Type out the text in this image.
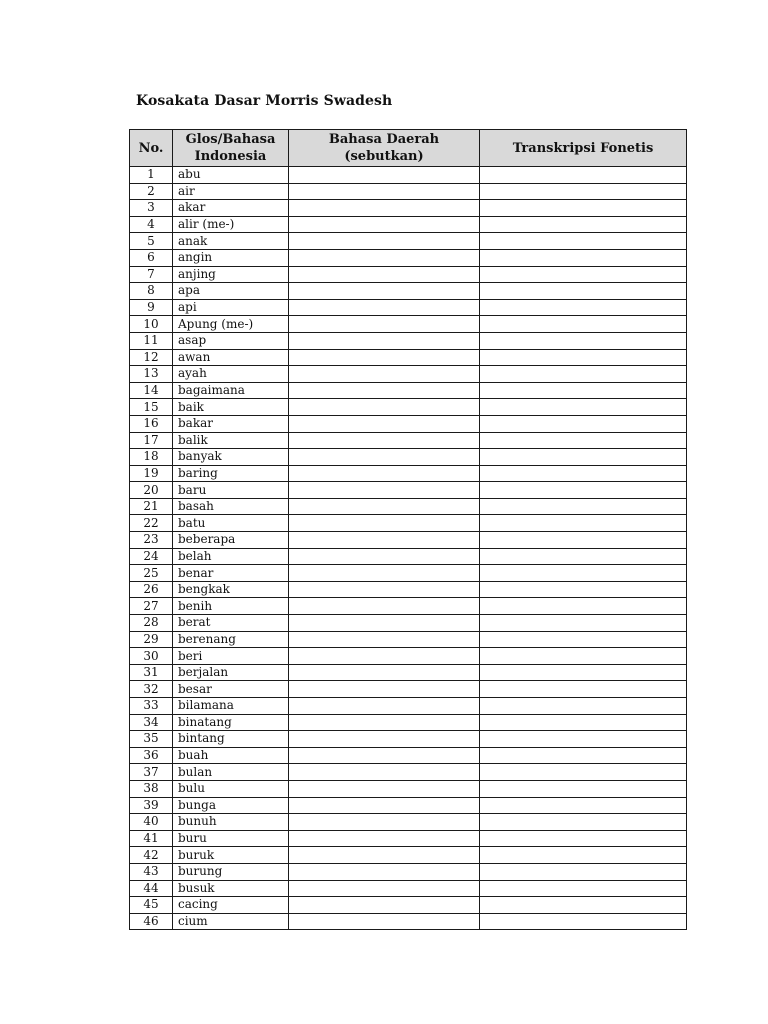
Kosakata Dasar Morris Swadesh
No.	Glos/Bahasa Indonesia	Bahasa Daerah (sebutkan)	Transkripsi Fonetis
1	abu		
2	air		
3	akar		
4	alir (me-)		
5	anak		
6	angin		
7	anjing		
8	apa		
9	api		
10	Apung (me-)		
11	asap		
12	awan		
13	ayah		
14	bagaimana		
15	baik		
16	bakar		
17	balik		
18	banyak		
19	baring		
20	baru		
21	basah		
22	batu		
23	beberapa		
24	belah		
25	benar		
26	bengkak		
27	benih		
28	berat		
29	berenang		
30	beri		
31	berjalan		
32	besar		
33	bilamana		
34	binatang		
35	bintang		
36	buah		
37	bulan		
38	bulu		
39	bunga		
40	bunuh		
41	buru		
42	buruk		
43	burung		
44	busuk		
45	cacing		
46	cium		
